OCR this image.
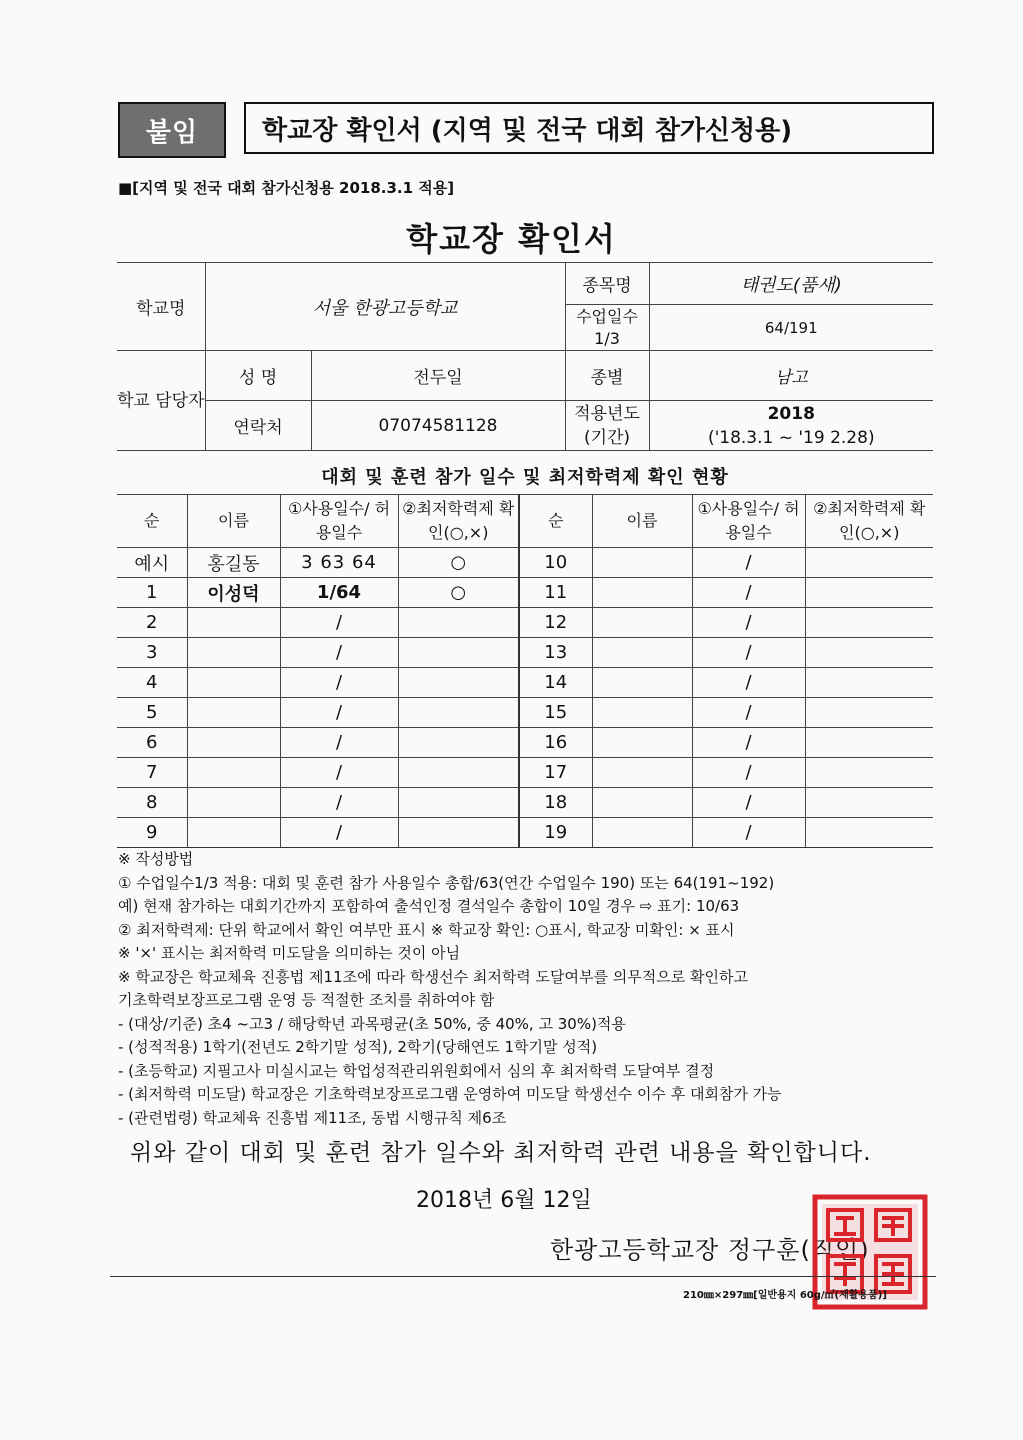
붙임	학교장 확인서 (지역 및 전국 대회 참가신청용)
■[지역 및 전국 대회 참가신청용 2018.3.1 적용]
학교장 확인서
학교명	서울 한광고등학교		종목명	태권도(품새)
			수업일수 1/3	64/191
학교 담당자	성 명	전두일	종별	남고
	연락처	07074581128	적용년도 (기간)	2018
('18.3.1 ~ '19 2.28)
대회 및 훈련 참가 일수 및 최저학력제 확인 현황
순	이름	①사용일수/ 허용일수	②최저학력제 확인(○,×)	순	이름	①사용일수/ 허용일수	②최저학력제 확인(○,×)
예시	홍길동	3 63 64	○	10		/	
1	이성덕	1/64	○	11		/	
2		/		12		/	
3		/		13		/	
4		/		14		/	
5		/		15		/	
6		/		16		/	
7		/		17		/	
8		/		18		/	
9		/		19		/	
※ 작성방법
① 수업일수1/3 적용: 대회 및 훈련 참가 사용일수 총합/63(연간 수업일수 190) 또는 64(191~192)
예) 현재 참가하는 대회기간까지 포함하여 출석인정 결석일수 총합이 10일 경우 ⇨ 표기: 10/63
② 최저학력제: 단위 학교에서 확인 여부만 표시 ※ 학교장 확인: ○표시, 학교장 미확인: × 표시
※ '×' 표시는 최저학력 미도달을 의미하는 것이 아님
※ 학교장은 학교체육 진흥법 제11조에 따라 학생선수 최저학력 도달여부를 의무적으로 확인하고
기초학력보장프로그램 운영 등 적절한 조치를 취하여야 함
- (대상/기준) 초4 ~고3 / 해당학년 과목평균(초 50%, 중 40%, 고 30%)적용
- (성적적용) 1학기(전년도 2학기말 성적), 2학기(당해연도 1학기말 성적)
- (초등학교) 지필고사 미실시교는 학업성적관리위원회에서 심의 후 최저학력 도달여부 결정
- (최저학력 미도달) 학교장은 기초학력보장프로그램 운영하여 미도달 학생선수 이수 후 대회참가 가능
- (관련법령) 학교체육 진흥법 제11조, 동법 시행규칙 제6조
위와 같이 대회 및 훈련 참가 일수와 최저학력 관련 내용을 확인합니다.
2018년 6월 12일
한광고등학교장 정구훈(직인)
210㎜×297㎜[일반용지 60g/㎡(재활용품)]
